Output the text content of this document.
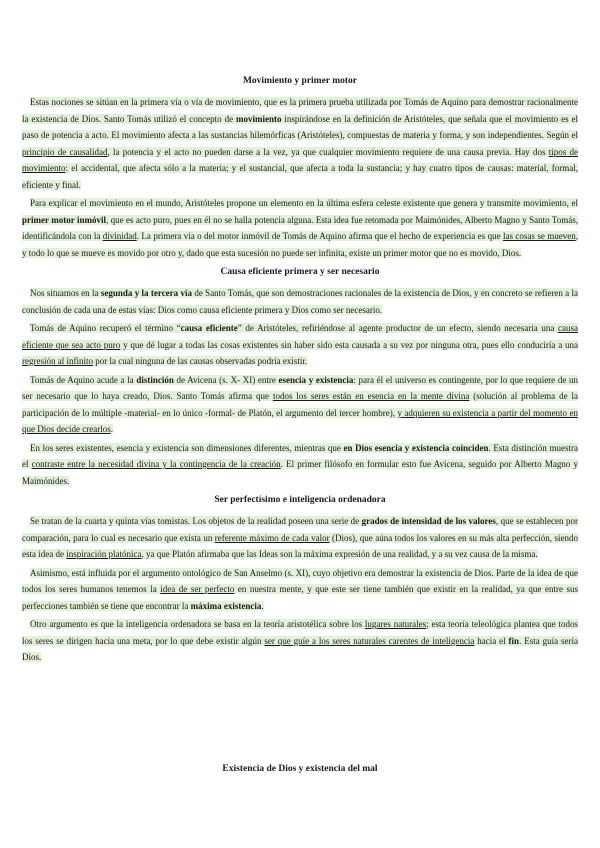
Movimiento y primer motor

Estas nociones se sitúan en la primera vía o vía de movimiento, que es la primera prueba utilizada por Tomás de Aquino para demostrar racionalmente la existencia de Dios. Santo Tomás utilizó el concepto de movimiento inspirándose en la definición de Aristóteles, que señala que el movimiento es el paso de potencia a acto. El movimiento afecta a las sustancias hilemórficas (Aristóteles), compuestas de materia y forma, y son independientes. Según el principio de causalidad, la potencia y el acto no pueden darse a la vez, ya que cualquier movimiento requiere de una causa previa. Hay dos tipos de movimiento: el accidental, que afecta sólo a la materia; y el sustancial, que afecta a toda la sustancia; y hay cuatro tipos de causas: material, formal, eficiente y final.

Para explicar el movimiento en el mundo, Aristóteles propone un elemento en la última esfera celeste existente que genera y transmite movimiento, el primer motor inmóvil, que es acto puro, pues en él no se halla potencia alguna. Esta idea fue retomada por Maimónides, Alberto Magno y Santo Tomás, identificándola con la divinidad. La primera vía o del motor inmóvil de Tomás de Aquino afirma que el hecho de experiencia es que las cosas se mueven, y todo lo que se mueve es movido por otro y, dado que esta sucesión no puede ser infinita, existe un primer motor que no es movido, Dios.

Causa eficiente primera y ser necesario

Nos situamos en la segunda y la tercera vía de Santo Tomás, que son demostraciones racionales de la existencia de Dios, y en concreto se refieren a la conclusión de cada una de estas vías: Dios como causa eficiente primera y Dios como ser necesario.

Tomás de Aquino recuperó el término “causa eficiente” de Aristóteles, refiriéndose al agente productor de un efecto, siendo necesaria una causa eficiente que sea acto puro y que dé lugar a todas las cosas existentes sin haber sido esta causada a su vez por ninguna otra, pues ello conduciría a una regresión al infinito por la cual ninguna de las causas observadas podría existir.

Tomás de Aquino acude a la distinción de Avicena (s. X- XI) entre esencia y existencia: para él el universo es contingente, por lo que requiere de un ser necesario que lo haya creado, Dios. Santo Tomás afirma que todos los seres están en esencia en la mente divina (solución al problema de la participación de lo múltiple -material- en lo único -formal- de Platón, el argumento del tercer hombre), y adquieren su existencia a partir del momento en que Dios decide crearlos.

En los seres existentes, esencia y existencia son dimensiones diferentes, mientras que en Dios esencia y existencia coinciden. Esta distinción muestra el contraste entre la necesidad divina y la contingencia de la creación. El primer filósofo en formular esto fue Avicena, seguido por Alberto Magno y Maimónides.

Ser perfectísimo e inteligencia ordenadora

Se tratan de la cuarta y quinta vías tomistas. Los objetos de la realidad poseen una serie de grados de intensidad de los valores, que se establecen por comparación, para lo cual es necesario que exista un referente máximo de cada valor (Dios), que aúna todos los valores en su más alta perfección, siendo esta idea de inspiración platónica, ya que Platón afirmaba que las Ideas son la máxima expresión de una realidad, y a su vez causa de la misma.

Asimismo, está influida por el argumento ontológico de San Anselmo (s. XI), cuyo objetivo era demostrar la existencia de Dios. Parte de la idea de que todos los seres humanos tenemos la idea de ser perfecto en nuestra mente, y que este ser tiene también que existir en la realidad, ya que entre sus perfecciones también se tiene que encontrar la máxima existencia.

Otro argumento es que la inteligencia ordenadora se basa en la teoría aristotélica sobre los lugares naturales; esta teoría teleológica plantea que todos los seres se dirigen hacia una meta, por lo que debe existir algún ser que guíe a los seres naturales carentes de inteligencia hacia el fin. Esta guía sería Dios.

Existencia de Dios y existencia del mal
